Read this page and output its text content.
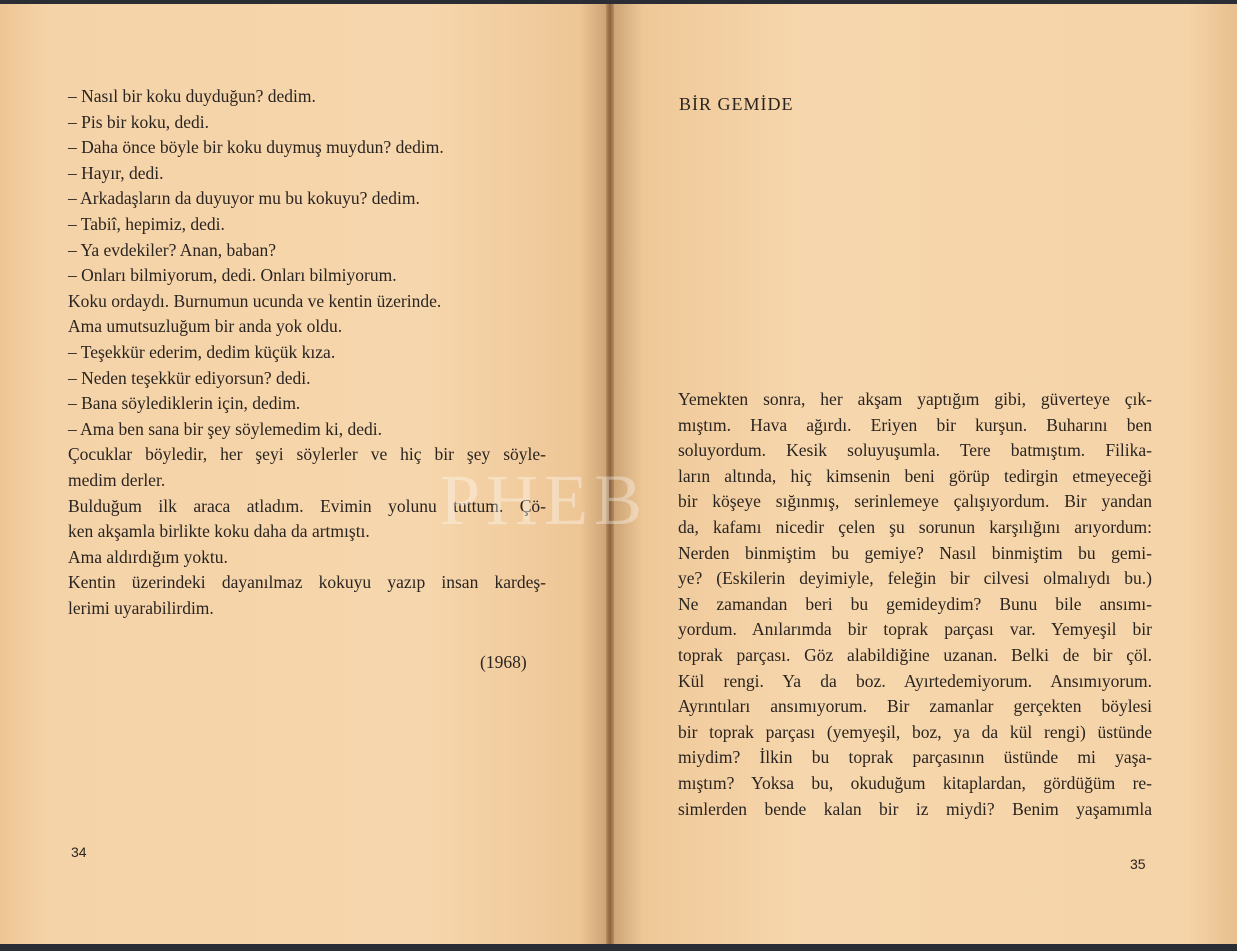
– Nasıl bir koku duyduğun? dedim.
– Pis bir koku, dedi.
– Daha önce böyle bir koku duymuş muydun? dedim.
– Hayır, dedi.
– Arkadaşların da duyuyor mu bu kokuyu? dedim.
– Tabiî, hepimiz, dedi.
– Ya evdekiler? Anan, baban?
– Onları bilmiyorum, dedi. Onları bilmiyorum.
Koku ordaydı. Burnumun ucunda ve kentin üzerinde.
Ama umutsuzluğum bir anda yok oldu.
– Teşekkür ederim, dedim küçük kıza.
– Neden teşekkür ediyorsun? dedi.
– Bana söylediklerin için, dedim.
– Ama ben sana bir şey söylemedim ki, dedi.
Çocuklar böyledir, her şeyi söylerler ve hiç bir şey söyle-
medim derler.
Bulduğum ilk araca atladım. Evimin yolunu tuttum. Çö-
ken akşamla birlikte koku daha da artmıştı.
Ama aldırdığım yoktu.
Kentin üzerindeki dayanılmaz kokuyu yazıp insan kardeş-
lerimi uyarabilirdim.
(1968)
34
BİR GEMİDE
Yemekten sonra, her akşam yaptığım gibi, güverteye çık-
mıştım. Hava ağırdı. Eriyen bir kurşun. Buharını ben
soluyordum. Kesik soluyuşumla. Tere batmıştım. Filika-
ların altında, hiç kimsenin beni görüp tedirgin etmeyeceği
bir köşeye sığınmış, serinlemeye çalışıyordum. Bir yandan
da, kafamı nicedir çelen şu sorunun karşılığını arıyordum:
Nerden binmiştim bu gemiye? Nasıl binmiştim bu gemi-
ye? (Eskilerin deyimiyle, feleğin bir cilvesi olmalıydı bu.)
Ne zamandan beri bu gemideydim? Bunu bile ansımı-
yordum. Anılarımda bir toprak parçası var. Yemyeşil bir
toprak parçası. Göz alabildiğine uzanan. Belki de bir çöl.
Kül rengi. Ya da boz. Ayırtedemiyorum. Ansımıyorum.
Ayrıntıları ansımıyorum. Bir zamanlar gerçekten böylesi
bir toprak parçası (yemyeşil, boz, ya da kül rengi) üstünde
miydim? İlkin bu toprak parçasının üstünde mi yaşa-
mıştım? Yoksa bu, okuduğum kitaplardan, gördüğüm re-
simlerden bende kalan bir iz miydi? Benim yaşamımla
35
PHEB
